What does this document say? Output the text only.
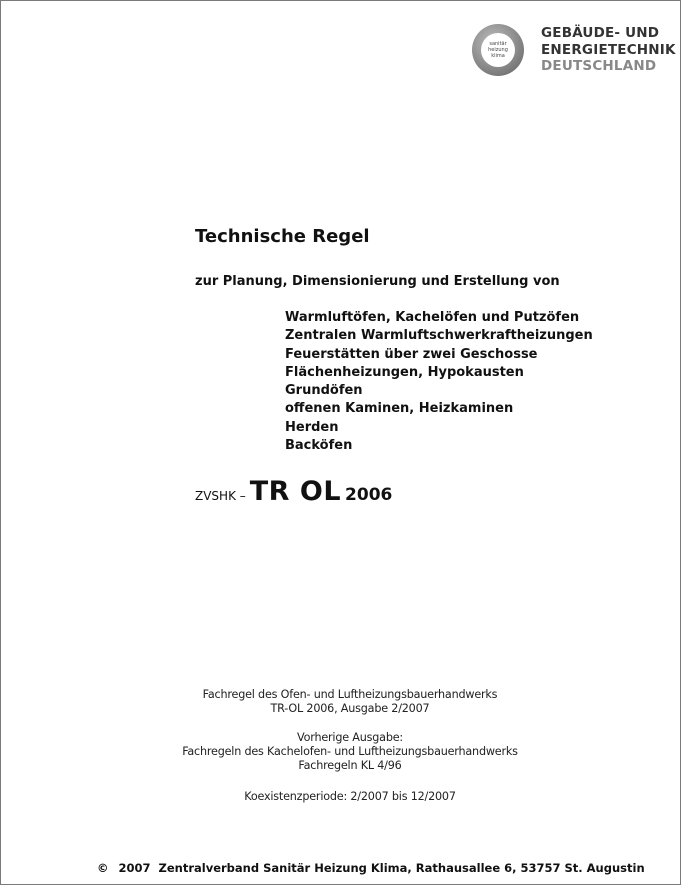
sanitär
heizung
klima
GEBÄUDE- UND
ENERGIETECHNIK
DEUTSCHLAND
Technische Regel
zur Planung, Dimensionierung und Erstellung von
Warmluftöfen, Kachelöfen und Putzöfen
Zentralen Warmluftschwerkraftheizungen
Feuerstätten über zwei Geschosse
Flächenheizungen, Hypokausten
Grundöfen
offenen Kaminen, Heizkaminen
Herden
Backöfen
ZVSHK – TR OL 2006
Fachregel des Ofen- und Luftheizungsbauerhandwerks
TR-OL 2006, Ausgabe 2/2007
Vorherige Ausgabe:
Fachregeln des Kachelofen- und Luftheizungsbauerhandwerks
Fachregeln KL 4/96
Koexistenzperiode: 2/2007 bis 12/2007
© 2007 Zentralverband Sanitär Heizung Klima, Rathausallee 6, 53757 St. Augustin
